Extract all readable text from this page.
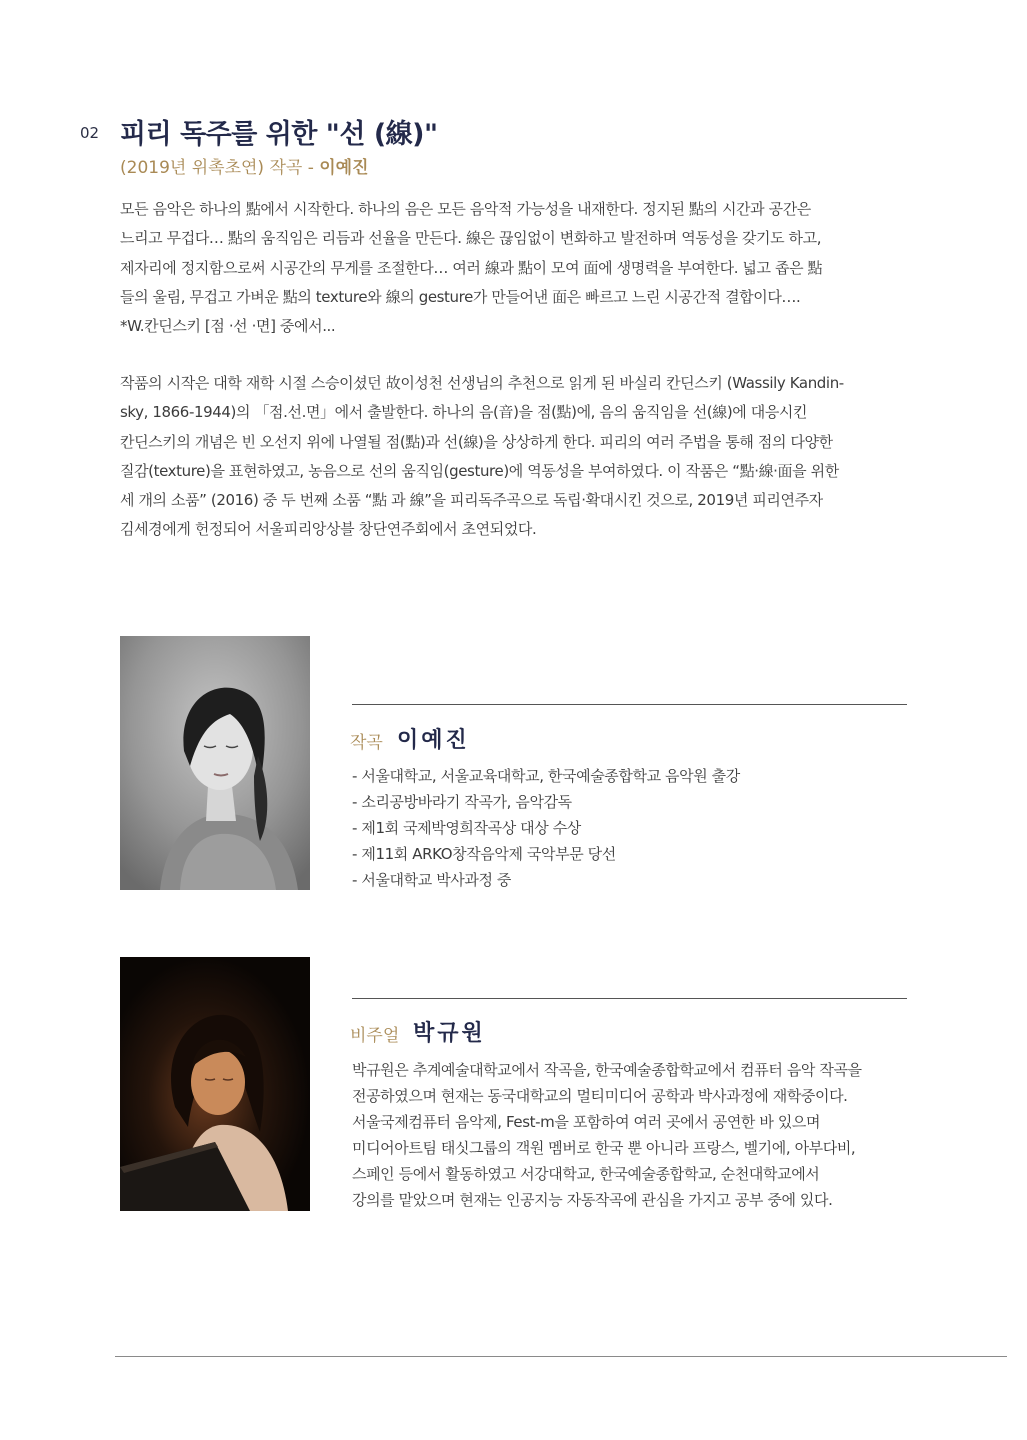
02 피리 독주를 위한 "선 (線)"
(2019년 위촉초연) 작곡 - 이예진
모든 음악은 하나의 點에서 시작한다. 하나의 음은 모든 음악적 가능성을 내재한다. 정지된 點의 시간과 공간은
느리고 무겁다… 點의 움직임은 리듬과 선율을 만든다. 線은 끊임없이 변화하고 발전하며 역동성을 갖기도 하고,
제자리에 정지함으로써 시공간의 무게를 조절한다… 여러 線과 點이 모여 面에 생명력을 부여한다. 넓고 좁은 點
들의 울림, 무겁고 가벼운 點의 texture와 線의 gesture가 만들어낸 面은 빠르고 느린 시공간적 결합이다….
*W.칸딘스키 [점 ·선 ·면] 중에서...
작품의 시작은 대학 재학 시절 스승이셨던 故이성천 선생님의 추천으로 읽게 된 바실리 칸딘스키 (Wassily Kandin-
sky, 1866-1944)의 「점.선.면」에서 출발한다. 하나의 음(音)을 점(點)에, 음의 움직임을 선(線)에 대응시킨
칸딘스키의 개념은 빈 오선지 위에 나열될 점(點)과 선(線)을 상상하게 한다. 피리의 여러 주법을 통해 점의 다양한
질감(texture)을 표현하였고, 농음으로 선의 움직임(gesture)에 역동성을 부여하였다. 이 작품은 “點·線·面을 위한
세 개의 소품” (2016) 중 두 번째 소품 “點 과 線”을 피리독주곡으로 독립·확대시킨 것으로, 2019년 피리연주자
김세경에게 헌정되어 서울피리앙상블 창단연주회에서 초연되었다.
작곡 이예진
- 서울대학교, 서울교육대학교, 한국예술종합학교 음악원 출강
- 소리공방바라기 작곡가, 음악감독
- 제1회 국제박영희작곡상 대상 수상
- 제11회 ARKO창작음악제 국악부문 당선
- 서울대학교 박사과정 중
비주얼 박규원
박규원은 추계예술대학교에서 작곡을, 한국예술종합학교에서 컴퓨터 음악 작곡을
전공하였으며 현재는 동국대학교의 멀티미디어 공학과 박사과정에 재학중이다.
서울국제컴퓨터 음악제, Fest-m을 포함하여 여러 곳에서 공연한 바 있으며
미디어아트팀 태싯그룹의 객원 멤버로 한국 뿐 아니라 프랑스, 벨기에, 아부다비,
스페인 등에서 활동하였고 서강대학교, 한국예술종합학교, 순천대학교에서
강의를 맡았으며 현재는 인공지능 자동작곡에 관심을 가지고 공부 중에 있다.
